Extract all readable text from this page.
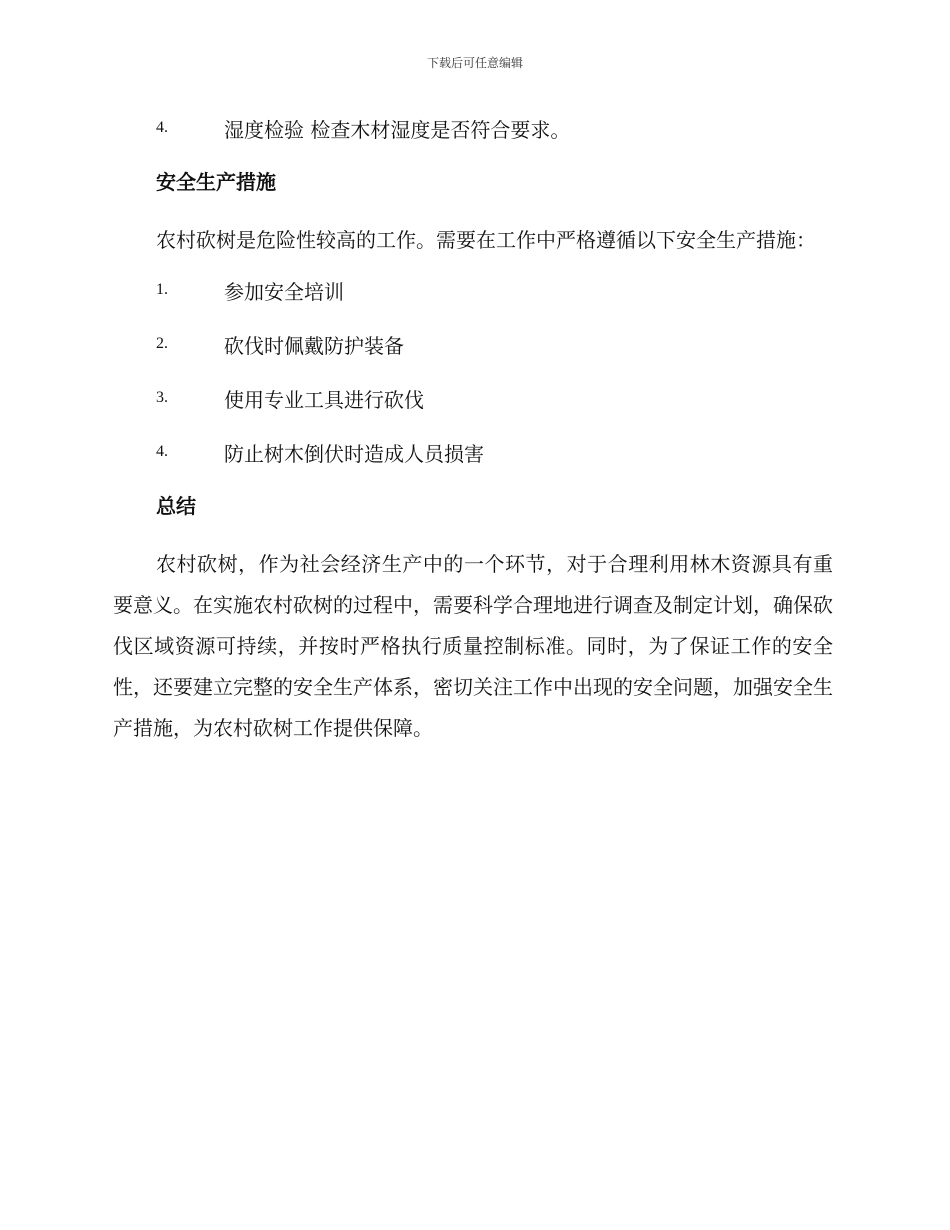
下载后可任意编辑
4.	湿度检验 检查木材湿度是否符合要求。
安全生产措施

农村砍树是危险性较高的工作。需要在工作中严格遵循以下安全生产措施：

1.	参加安全培训
2.	砍伐时佩戴防护装备
3.	使用专业工具进行砍伐
4.	防止树木倒伏时造成人员损害
总结

农村砍树，作为社会经济生产中的一个环节，对于合理利用林木资源具有重要意义。在实施农村砍树的过程中，需要科学合理地进行调查及制定计划，确保砍伐区域资源可持续，并按时严格执行质量控制标准。同时，为了保证工作的安全性，还要建立完整的安全生产体系，密切关注工作中出现的安全问题，加强安全生产措施，为农村砍树工作提供保障。
